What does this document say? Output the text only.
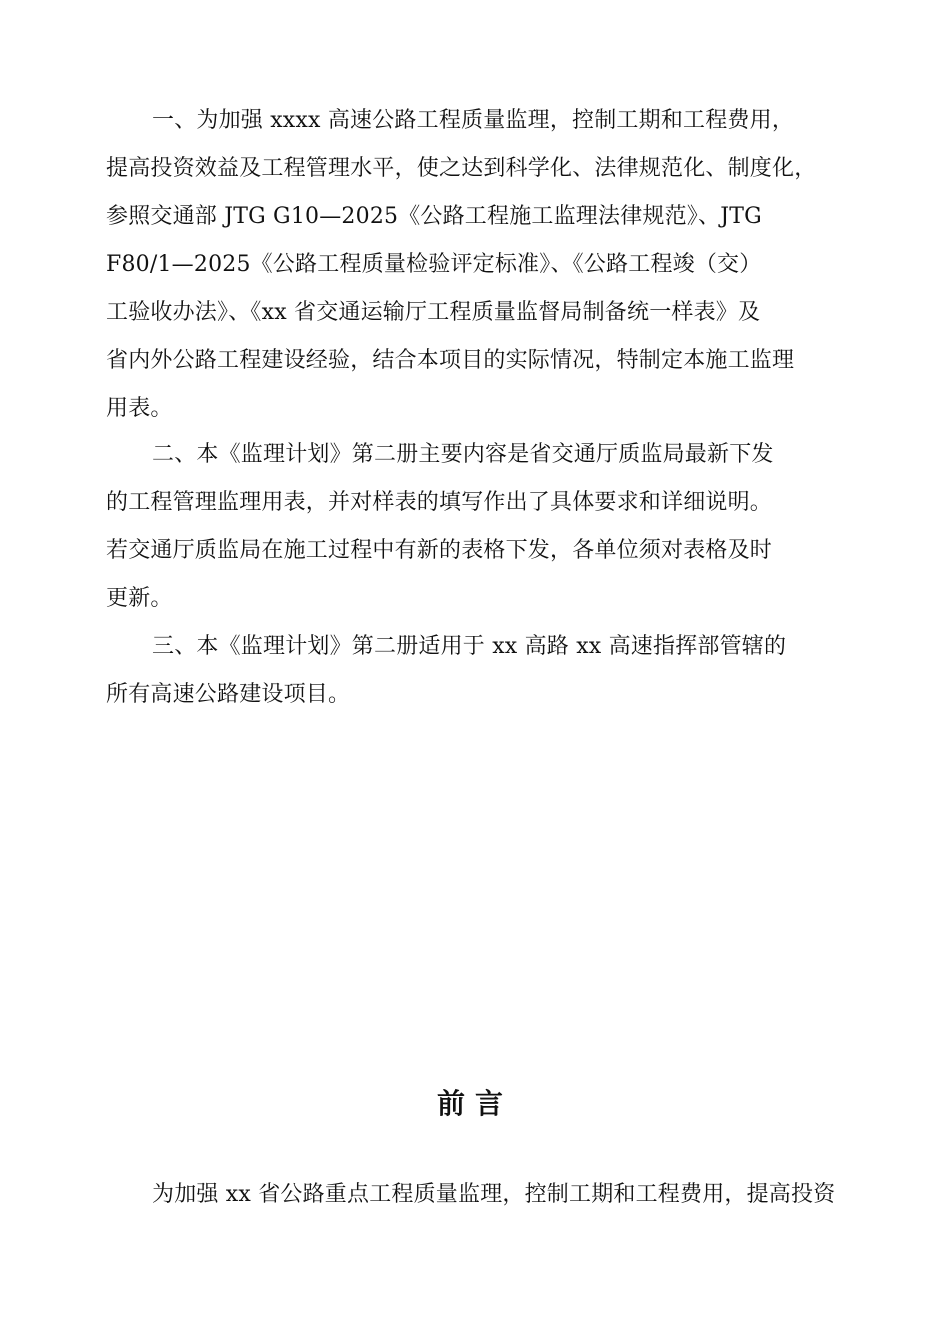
一、为加强 xxxx 高速公路工程质量监理，控制工期和工程费用，
提高投资效益及工程管理水平，使之达到科学化、法律规范化、制度化，
参照交通部 JTG G10—2025《公路工程施工监理法律规范》、JTG
F80/1—2025《公路工程质量检验评定标准》、《公路工程竣（交）
工验收办法》、《xx 省交通运输厅工程质量监督局制备统一样表》及
省内外公路工程建设经验，结合本项目的实际情况，特制定本施工监理
用表。
二、本《监理计划》第二册主要内容是省交通厅质监局最新下发
的工程管理监理用表，并对样表的填写作出了具体要求和详细说明。
若交通厅质监局在施工过程中有新的表格下发，各单位须对表格及时
更新。
三、本《监理计划》第二册适用于 xx 高路 xx 高速指挥部管辖的
所有高速公路建设项目。
前言
为加强 xx 省公路重点工程质量监理，控制工期和工程费用，提高投资
